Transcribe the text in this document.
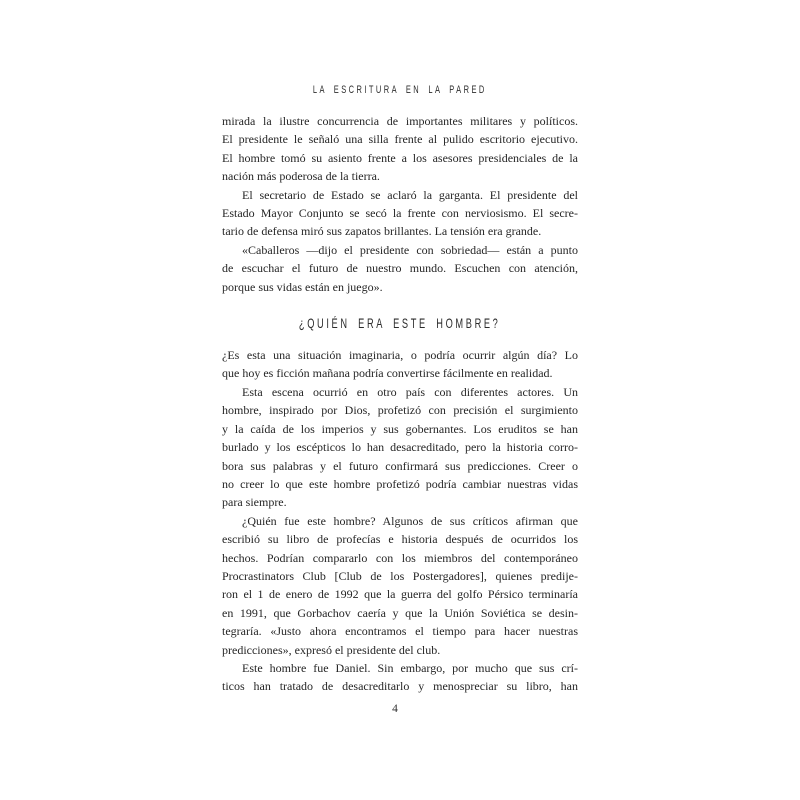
LA ESCRITURA EN LA PARED
mirada la ilustre concurrencia de importantes militares y políticos.
El presidente le señaló una silla frente al pulido escritorio ejecutivo.
El hombre tomó su asiento frente a los asesores presidenciales de la
nación más poderosa de la tierra.
El secretario de Estado se aclaró la garganta. El presidente del
Estado Mayor Conjunto se secó la frente con nerviosismo. El secre-
tario de defensa miró sus zapatos brillantes. La tensión era grande.
«Caballeros —dijo el presidente con sobriedad— están a punto
de escuchar el futuro de nuestro mundo. Escuchen con atención,
porque sus vidas están en juego».
¿QUIÉN ERA ESTE HOMBRE?
¿Es esta una situación imaginaria, o podría ocurrir algún día? Lo
que hoy es ficción mañana podría convertirse fácilmente en realidad.
Esta escena ocurrió en otro país con diferentes actores. Un
hombre, inspirado por Dios, profetizó con precisión el surgimiento
y la caída de los imperios y sus gobernantes. Los eruditos se han
burlado y los escépticos lo han desacreditado, pero la historia corro-
bora sus palabras y el futuro confirmará sus predicciones. Creer o
no creer lo que este hombre profetizó podría cambiar nuestras vidas
para siempre.
¿Quién fue este hombre? Algunos de sus críticos afirman que
escribió su libro de profecías e historia después de ocurridos los
hechos. Podrían compararlo con los miembros del contemporáneo
Procrastinators Club [Club de los Postergadores], quienes predije-
ron el 1 de enero de 1992 que la guerra del golfo Pérsico terminaría
en 1991, que Gorbachov caería y que la Unión Soviética se desin-
tegraría. «Justo ahora encontramos el tiempo para hacer nuestras
predicciones», expresó el presidente del club.
Este hombre fue Daniel. Sin embargo, por mucho que sus crí-
ticos han tratado de desacreditarlo y menospreciar su libro, han
4
